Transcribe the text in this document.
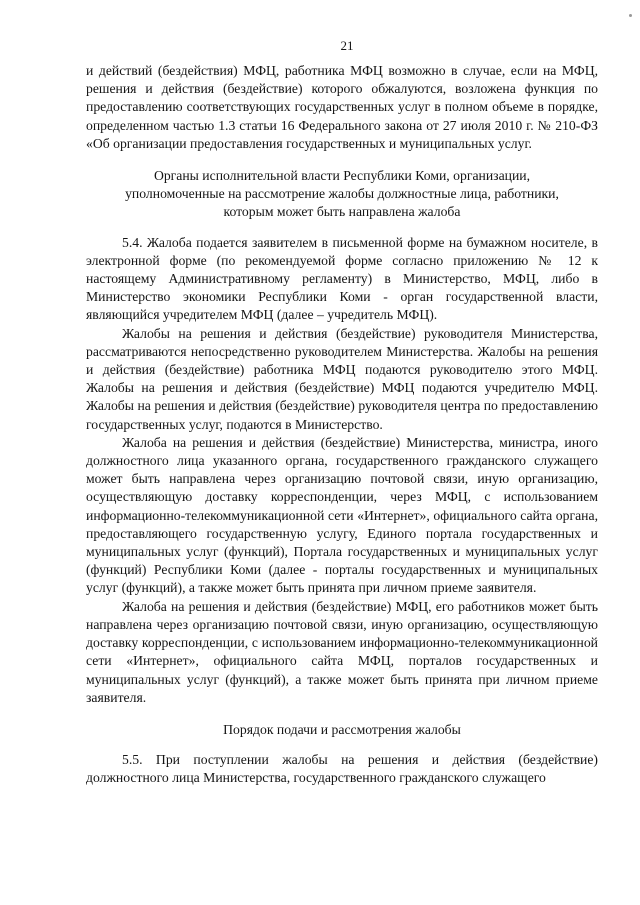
21

и действий (бездействия) МФЦ, работника МФЦ возможно в случае, если на МФЦ, решения и действия (бездействие) которого обжалуются, возложена функция по предоставлению соответствующих государственных услуг в полном объеме в порядке, определенном частью 1.3 статьи 16 Федерального закона от 27 июля 2010 г. № 210-ФЗ «Об организации предоставления государственных и муниципальных услуг.

Органы исполнительной власти Республики Коми, организации,
уполномоченные на рассмотрение жалобы должностные лица, работники,
которым может быть направлена жалоба

5.4. Жалоба подается заявителем в письменной форме на бумажном носителе, в электронной форме (по рекомендуемой форме согласно приложению № 12 к настоящему Административному регламенту) в Министерство, МФЦ, либо в Министерство экономики Республики Коми - орган государственной власти, являющийся учредителем МФЦ (далее – учредитель МФЦ).

Жалобы на решения и действия (бездействие) руководителя Министерства, рассматриваются непосредственно руководителем Министерства. Жалобы на решения и действия (бездействие) работника МФЦ подаются руководителю этого МФЦ. Жалобы на решения и действия (бездействие) МФЦ подаются учредителю МФЦ. Жалобы на решения и действия (бездействие) руководителя центра по предоставлению государственных услуг, подаются в Министерство.

Жалоба на решения и действия (бездействие) Министерства, министра, иного должностного лица указанного органа, государственного гражданского служащего может быть направлена через организацию почтовой связи, иную организацию, осуществляющую доставку корреспонденции, через МФЦ, с использованием информационно-телекоммуникационной сети «Интернет», официального сайта органа, предоставляющего государственную услугу, Единого портала государственных и муниципальных услуг (функций), Портала государственных и муниципальных услуг (функций) Республики Коми (далее - порталы государственных и муниципальных услуг (функций), а также может быть принята при личном приеме заявителя.

Жалоба на решения и действия (бездействие) МФЦ, его работников может быть направлена через организацию почтовой связи, иную организацию, осуществляющую доставку корреспонденции, с использованием информационно-телекоммуникационной сети «Интернет», официального сайта МФЦ, порталов государственных и муниципальных услуг (функций), а также может быть принята при личном приеме заявителя.

Порядок подачи и рассмотрения жалобы

5.5. При поступлении жалобы на решения и действия (бездействие) должностного лица Министерства, государственного гражданского служащего
